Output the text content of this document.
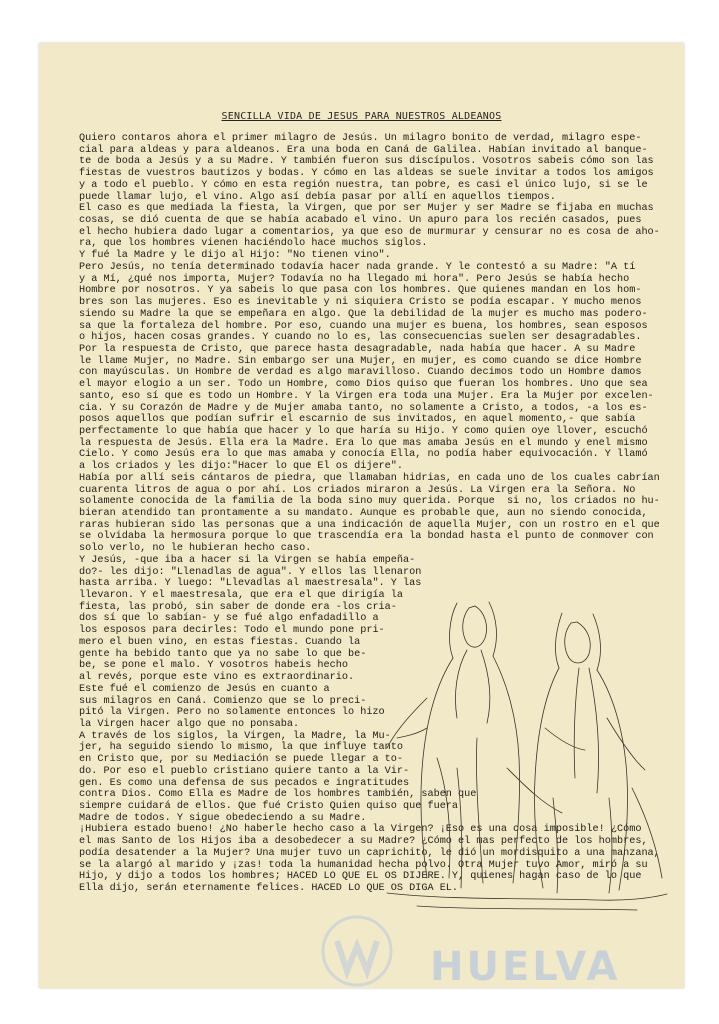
SENCILLA VIDA DE JESUS PARA NUESTROS ALDEANOS
Quiero contaros ahora el primer milagro de Jesús. Un milagro bonito de verdad, milagro espe-
cial para aldeas y para aldeanos. Era una boda en Caná de Galilea. Habían invitado al banque-
te de boda a Jesús y a su Madre. Y también fueron sus discípulos. Vosotros sabeis cómo son las
fiestas de vuestros bautizos y bodas. Y cómo en las aldeas se suele invitar a todos los amigos
y a todo el pueblo. Y cómo en esta región nuestra, tan pobre, es casi el único lujo, si se le
puede llamar lujo, el vino. Algo así debía pasar por allí en aquellos tiempos.
El caso es que mediada la fiesta, la Virgen, que por ser Mujer y ser Madre se fijaba en muchas
cosas, se dió cuenta de que se había acabado el vino. Un apuro para los recién casados, pues
el hecho hubiera dado lugar a comentarios, ya que eso de murmurar y censurar no es cosa de aho-
ra, que los hombres vienen haciéndolo hace muchos siglos.
Y fué la Madre y le dijo al Hijo: "No tienen vino".
Pero Jesús, no tenía determinado todavía hacer nada grande. Y le contestó a su Madre: "A tí
y a Mí, ¿qué nos importa, Mujer? Todavía no ha llegado mi hora". Pero Jesús se había hecho
Hombre por nosotros. Y ya sabeis lo que pasa con los hombres. Que quienes mandan en los hom-
bres son las mujeres. Eso es inevitable y ni siquiera Cristo se podía escapar. Y mucho menos
siendo su Madre la que se empeñara en algo. Que la debilidad de la mujer es mucho mas podero-
sa que la fortaleza del hombre. Por eso, cuando una mujer es buena, los hombres, sean esposos
o hijos, hacen cosas grandes. Y cuando no lo es, las consecuencias suelen ser desagradables.
Por la respuesta de Cristo, que parece hasta desagradable, nada había que hacer. A su Madre
le llame Mujer, no Madre. Sin embargo ser una Mujer, en mujer, es como cuando se dice Hombre
con mayúsculas. Un Hombre de verdad es algo maravilloso. Cuando decimos todo un Hombre damos
el mayor elogio a un ser. Todo un Hombre, como Dios quiso que fueran los hombres. Uno que sea
santo, eso sí que es todo un Hombre. Y la Virgen era toda una Mujer. Era la Mujer por excelen-
cia. Y su Corazón de Madre y de Mujer amaba tanto, no solamente a Cristo, a todos, -a los es-
posos aquellos que podían sufrir el escarnio de sus invitados, en aquel momento,- que sabía
perfectamente lo que había que hacer y lo que haría su Hijo. Y como quien oye llover, escuchó
la respuesta de Jesús. Ella era la Madre. Era lo que mas amaba Jesús en el mundo y enel mismo
Cielo. Y como Jesús era lo que mas amaba y conocía Ella, no podía haber equivocación. Y llamó
a los criados y les dijo:"Hacer lo que El os dijere".
Había por allí seis cántaros de piedra, que llamaban hidrias, en cada uno de los cuales cabrían
cuarenta litros de agua o por ahí. Los criados miraron a Jesús. La Virgen era la Señora. No
solamente conocida de la familia de la boda sino muy querida. Porque  si no, los criados no hu-
bieran atendido tan prontamente a su mandato. Aunque es probable que, aun no siendo conocida,
raras hubieran sido las personas que a una indicación de aquella Mujer, con un rostro en el que
se olvidaba la hermosura porque lo que trascendía era la bondad hasta el punto de conmover con
solo verlo, no le hubieran hecho caso.
Y Jesús, -que iba a hacer si la Virgen se había empeña-
do?- les dijo: "Llenadlas de agua". Y ellos las llenaron
hasta arriba. Y luego: "Llevadlas al maestresala". Y las
llevaron. Y el maestresala, que era el que dirigía la
fiesta, las probó, sin saber de donde era -los cria-
dos sí que lo sabían- y se fué algo enfadadillo a
los esposos para decirles: Todo el mundo pone pri-
mero el buen vino, en estas fiestas. Cuando la
gente ha bebido tanto que ya no sabe lo que be-
be, se pone el malo. Y vosotros habeis hecho
al revés, porque este vino es extraordinario.
Este fué el comienzo de Jesús en cuanto a
sus milagros en Caná. Comienzo que se lo preci-
pitó la Virgen. Pero no solamente entonces lo hizo
la Virgen hacer algo que no ponsaba.
A través de los siglos, la Virgen, la Madre, la Mu-
jer, ha seguido siendo lo mismo, la que influye tanto
en Cristo que, por su Mediación se puede llegar a to-
do. Por eso el pueblo cristiano quiere tanto a la Vir-
gen. Es como una defensa de sus pecados e ingratitudes
contra Dios. Como Ella es Madre de los hombres también, saben que
siempre cuidará de ellos. Que fué Cristo Quien quiso que fuera
Madre de todos. Y sigue obedeciendo a su Madre.
¡Hubiera estado bueno! ¿No haberle hecho caso a la Virgen? ¡Eso es una cosa imposible! ¿Cómo
el mas Santo de los Hijos iba a desobedecer a su Madre? ¿Cómo el mas perfecto de los hombres,
podía desatender a la Mujer? Una mujer tuvo un caprichito, le dió un mordisquito a una manzana,
se la alargó al marido y ¡zas! toda la humanidad hecha polvo. Otra Mujer tuvo Amor, miró a su
Hijo, y dijo a todos los hombres; HACED LO QUE EL OS DIJERE. Y, quienes hagan caso de lo que
Ella dijo, serán eternamente felices. HACED LO QUE OS DIGA EL.
HUELVA
